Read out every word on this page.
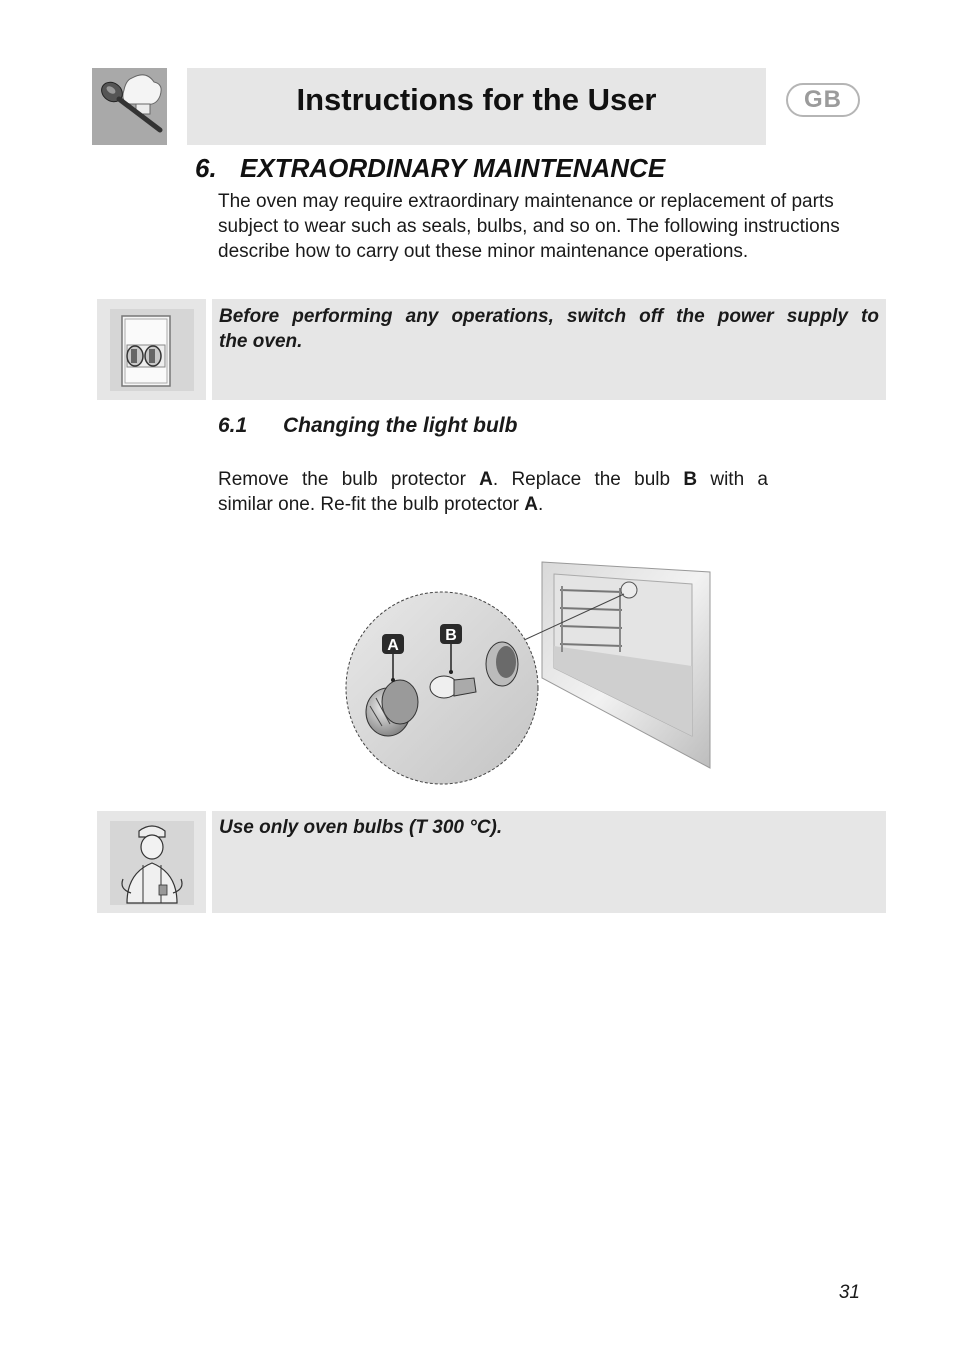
Instructions for the User	GB
6. EXTRAORDINARY MAINTENANCE
The oven may require extraordinary maintenance or replacement of parts
subject to wear such as seals, bulbs, and so on. The following instructions
describe how to carry out these minor maintenance operations.
Before performing any operations, switch off the power supply to
the oven.
6.1 Changing the light bulb
Remove the bulb protector A. Replace the bulb B with a
similar one. Re-fit the bulb protector A.
A
B
Use only oven bulbs (T 300 °C).
31
